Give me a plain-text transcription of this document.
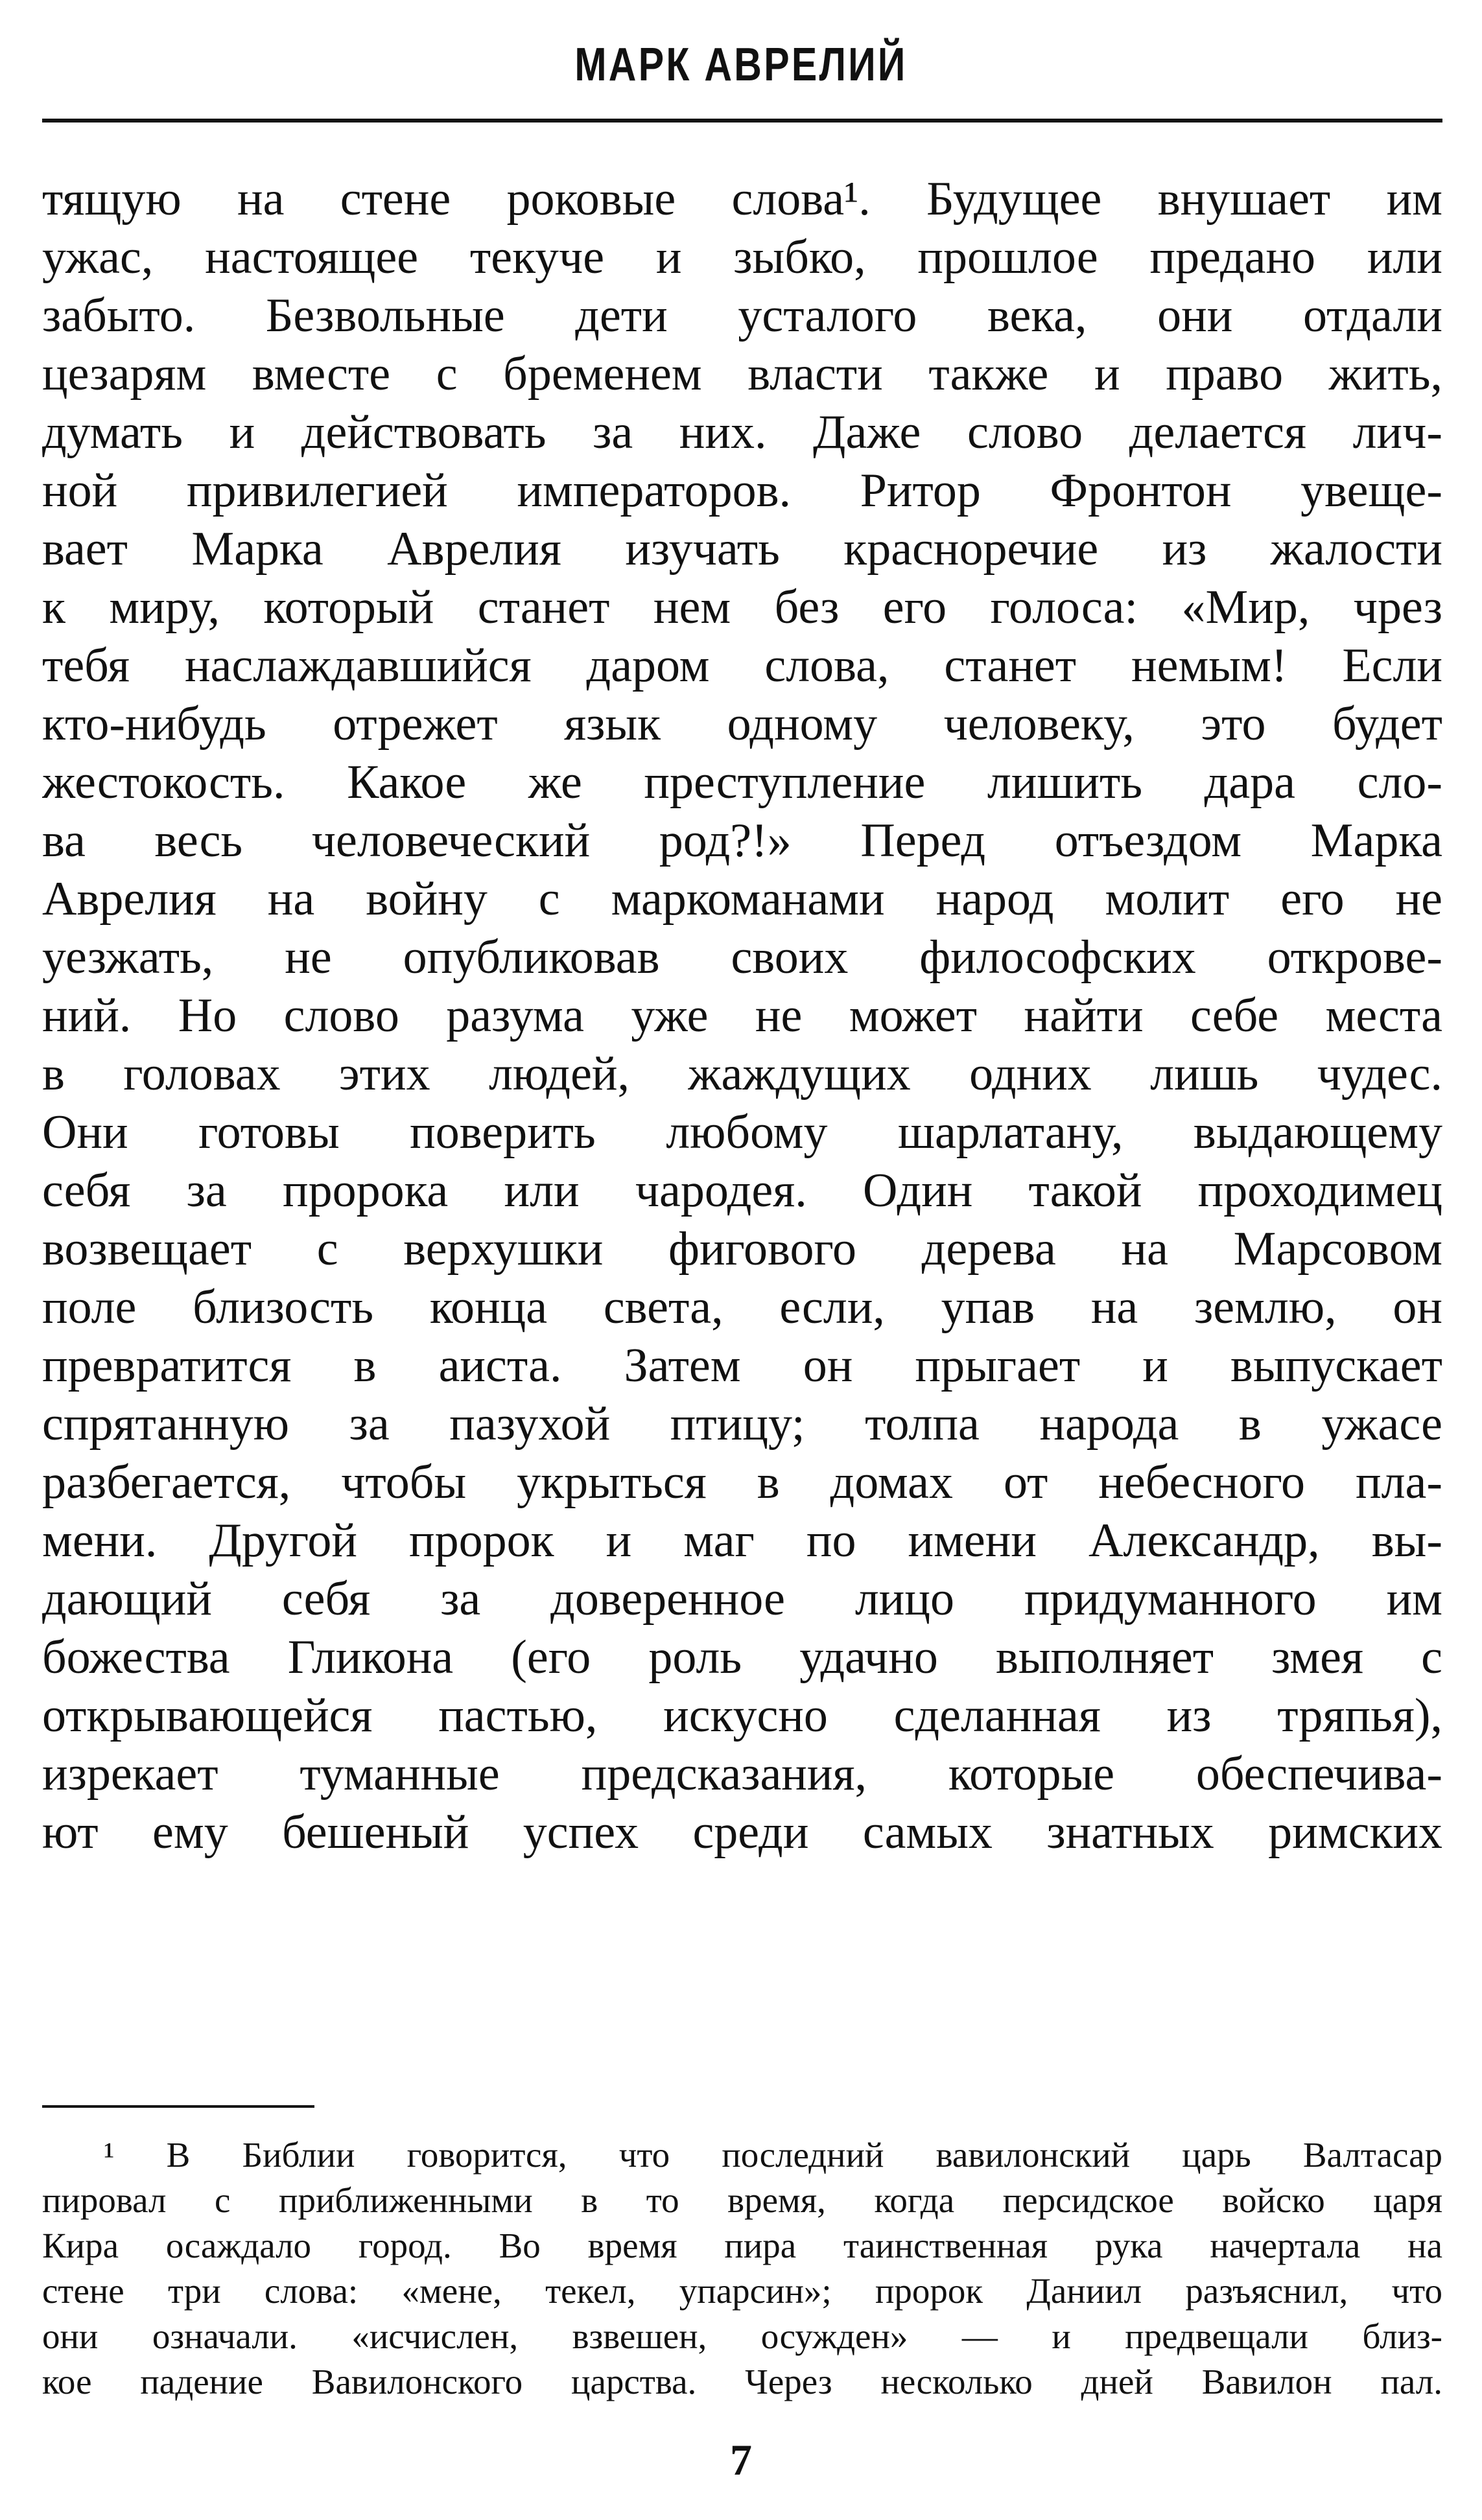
МАРК АВРЕЛИЙ
тящую на стене роковые слова¹. Будущее внушает им
ужас, настоящее текуче и зыбко, прошлое предано или
забыто. Безвольные дети усталого века, они отдали
цезарям вместе с бременем власти также и право жить,
думать и действовать за них. Даже слово делается лич-
ной привилегией императоров. Ритор Фронтон увеще-
вает Марка Аврелия изучать красноречие из жалости
к миру, который станет нем без его голоса: «Мир, чрез
тебя наслаждавшийся даром слова, станет немым! Если
кто-нибудь отрежет язык одному человеку, это будет
жестокость. Какое же преступление лишить дара сло-
ва весь человеческий род?!» Перед отъездом Марка
Аврелия на войну с маркоманами народ молит его не
уезжать, не опубликовав своих философских открове-
ний. Но слово разума уже не может найти себе места
в головах этих людей, жаждущих одних лишь чудес.
Они готовы поверить любому шарлатану, выдающему
себя за пророка или чародея. Один такой проходимец
возвещает с верхушки фигового дерева на Марсовом
поле близость конца света, если, упав на землю, он
превратится в аиста. Затем он прыгает и выпускает
спрятанную за пазухой птицу; толпа народа в ужасе
разбегается, чтобы укрыться в домах от небесного пла-
мени. Другой пророк и маг по имени Александр, вы-
дающий себя за доверенное лицо придуманного им
божества Гликона (его роль удачно выполняет змея с
открывающейся пастью, искусно сделанная из тряпья),
изрекает туманные предсказания, которые обеспечива-
ют ему бешеный успех среди самых знатных римских
¹ В Библии говорится, что последний вавилонский царь Валтасар
пировал с приближенными в то время, когда персидское войско царя
Кира осаждало город. Во время пира таинственная рука начертала на
стене три слова: «мене, текел, упарсин»; пророк Даниил разъяснил, что
они означали. «исчислен, взвешен, осужден» — и предвещали близ-
кое падение Вавилонского царства. Через несколько дней Вавилон пал.
7
